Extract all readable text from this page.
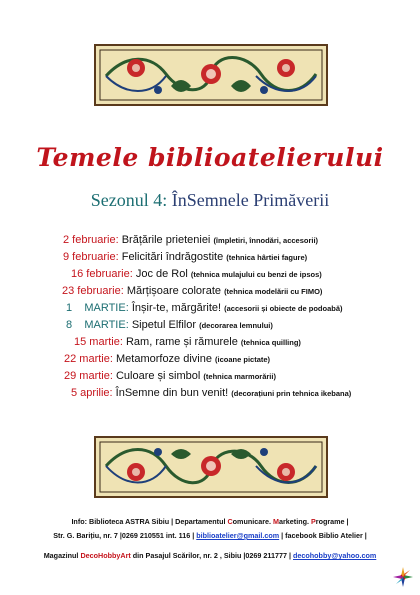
Temele biblioatelierului
Sezonul 4: ÎnSemnele Primăverii
2 februarie: Brățările prieteniei (împletiri, înnodări, accesorii)
9 februarie: Felicitări îndrăgostite (tehnica hârtiei fagure)
16 februarie: Joc de Rol (tehnica mulajului cu benzi de ipsos)
23 februarie: Mărțișoare colorate (tehnica modelării cu FIMO)
1    MARTIE: Înșir-te, mărgărite! (accesorii și obiecte de podoabă)
8    MARTIE: Sipetul Elfilor (decorarea lemnului)
15 martie: Ram, rame și rămurele (tehnica quilling)
22 martie: Metamorfoze divine (icoane pictate)
29 martie: Culoare și simbol (tehnica marmorării)
5 aprilie: ÎnSemne din bun venit! (decorațiuni prin tehnica ikebana)
Info: Biblioteca ASTRA Sibiu | Departamentul Comunicare. Marketing. Programe |
Str. G. Barițiu, nr. 7 |0269 210551 int. 116 | biblioatelier@gmail.com | facebook Biblio Atelier |
Magazinul DecoHobbyArt din Pasajul Scărilor, nr. 2 , Sibiu |0269 211777 | decohobby@yahoo.com
